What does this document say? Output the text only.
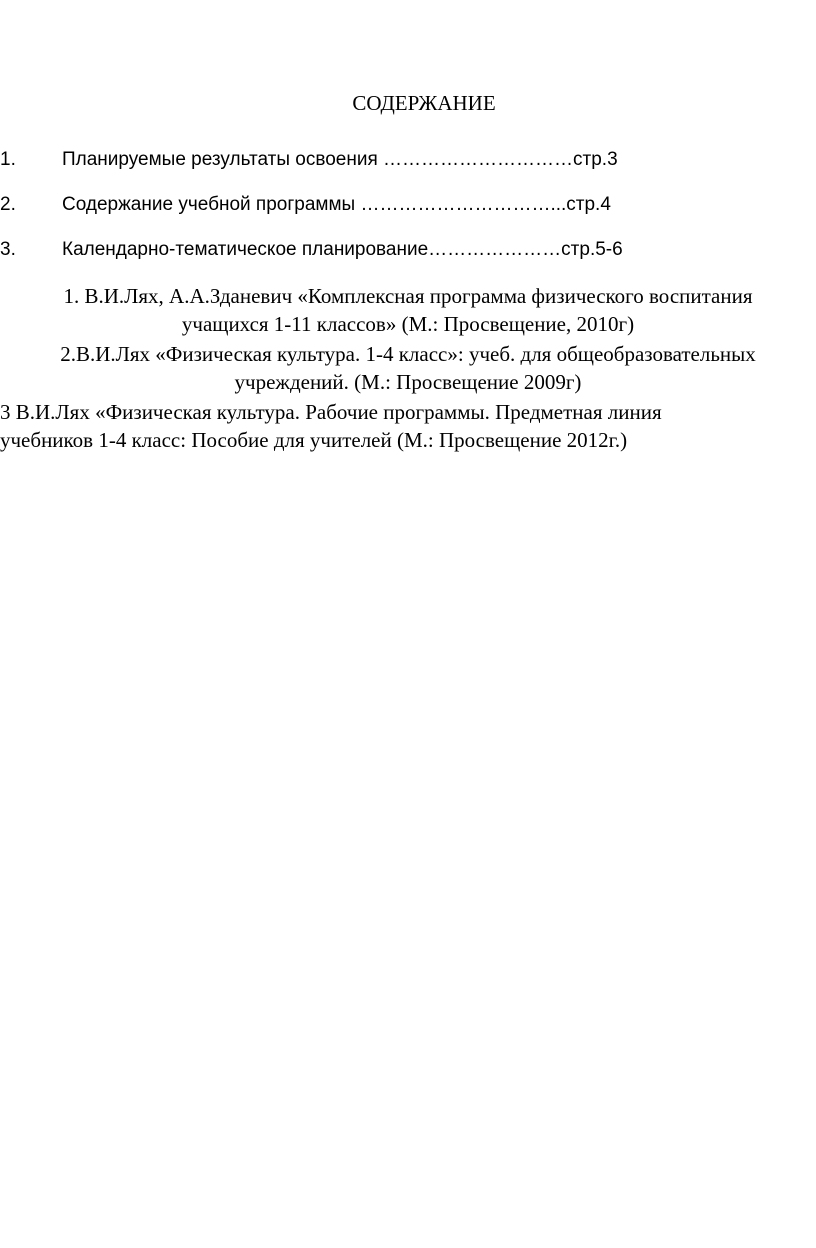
СОДЕРЖАНИЕ
1. Планируемые результаты освоения …………………………стр.3
2. Содержание учебной программы …………………………...стр.4
3. Календарно-тематическое планирование…………………стр.5-6
1. В.И.Лях, А.А.Зданевич «Комплексная программа физического воспитания
учащихся 1-11 классов» (М.: Просвещение, 2010г)
2.В.И.Лях «Физическая культура. 1-4 класс»: учеб. для общеобразовательных
учреждений. (М.: Просвещение 2009г)
3 В.И.Лях «Физическая культура. Рабочие программы. Предметная линия
учебников 1-4 класс: Пособие для учителей (М.: Просвещение 2012г.)
